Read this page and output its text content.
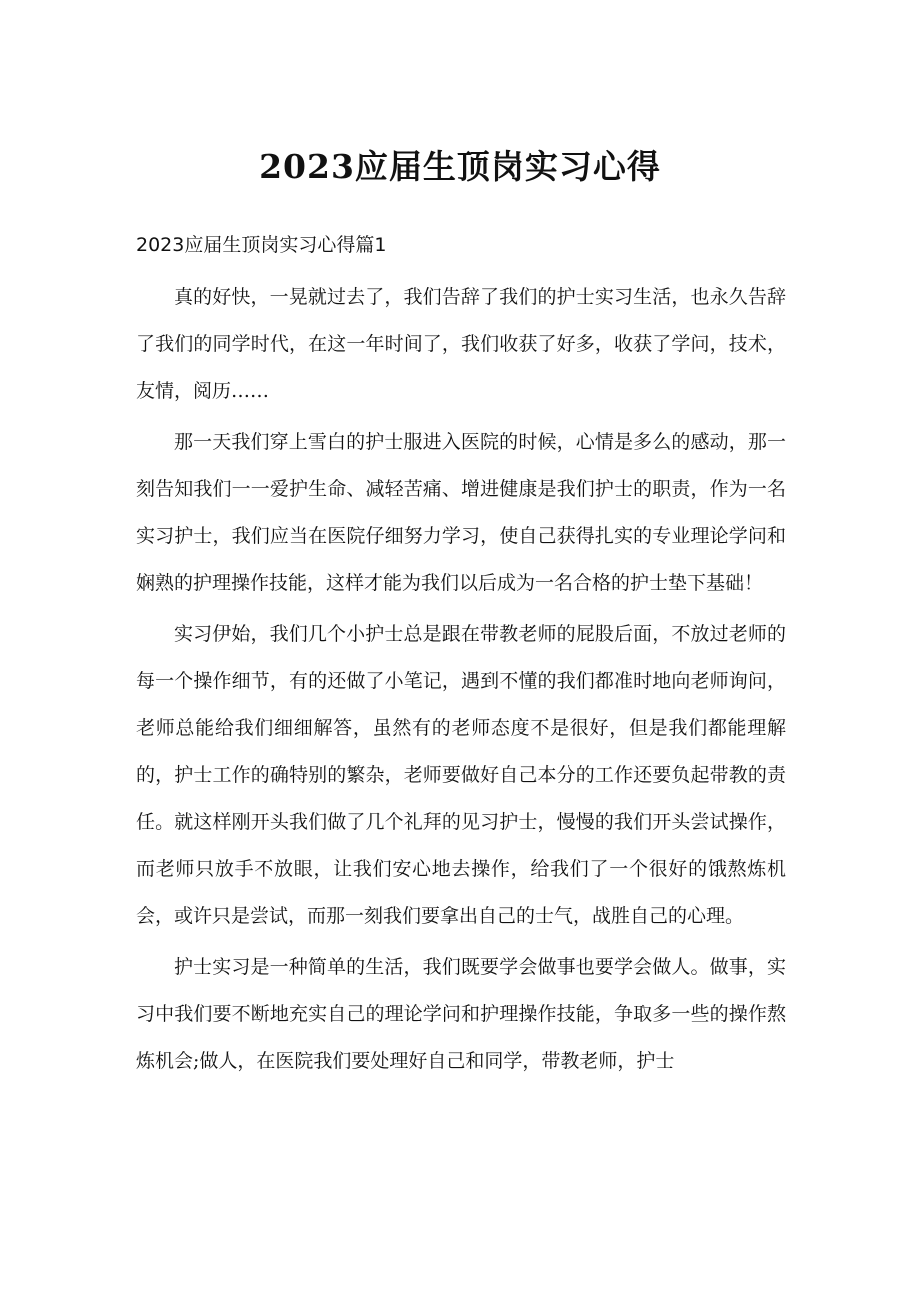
2023应届生顶岗实习心得

2023应届生顶岗实习心得篇1

真的好快，一晃就过去了，我们告辞了我们的护士实习生活，也永久告辞了我们的同学时代，在这一年时间了，我们收获了好多，收获了学问，技术，友情，阅历……

那一天我们穿上雪白的护士服进入医院的时候，心情是多么的感动，那一刻告知我们一一爱护生命、减轻苦痛、增进健康是我们护士的职责，作为一名实习护士，我们应当在医院仔细努力学习，使自己获得扎实的专业理论学问和娴熟的护理操作技能，这样才能为我们以后成为一名合格的护士垫下基础！

实习伊始，我们几个小护士总是跟在带教老师的屁股后面，不放过老师的每一个操作细节，有的还做了小笔记，遇到不懂的我们都准时地向老师询问，老师总能给我们细细解答，虽然有的老师态度不是很好，但是我们都能理解的，护士工作的确特别的繁杂，老师要做好自己本分的工作还要负起带教的责任。就这样刚开头我们做了几个礼拜的见习护士，慢慢的我们开头尝试操作，而老师只放手不放眼，让我们安心地去操作，给我们了一个很好的饿熬炼机会，或许只是尝试，而那一刻我们要拿出自己的士气，战胜自己的心理。

护士实习是一种简单的生活，我们既要学会做事也要学会做人。做事，实习中我们要不断地充实自己的理论学问和护理操作技能，争取多一些的操作熬炼机会;做人，在医院我们要处理好自己和同学，带教老师，护士
